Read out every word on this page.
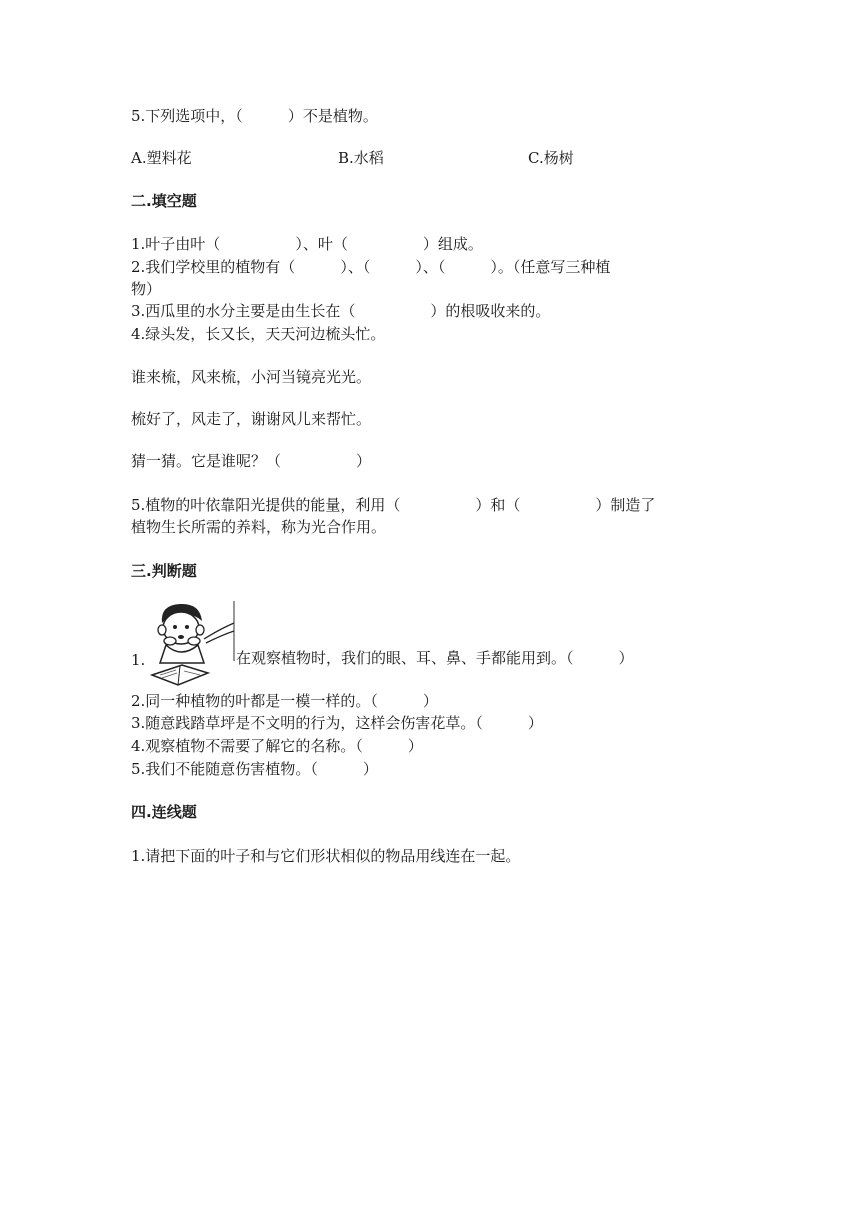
5.下列选项中，（　　　）不是植物。
A.塑料花	B.水稻	C.杨树
二.填空题
1.叶子由叶（　　　　　）、叶（　　　　　）组成。
2.我们学校里的植物有（　　　）、（　　　）、（　　　）。（任意写三种植
物）
3.西瓜里的水分主要是由生长在（　　　　　）的根吸收来的。
4.绿头发，长又长，天天河边梳头忙。
谁来梳，风来梳，小河当镜亮光光。
梳好了，风走了，谢谢风儿来帮忙。
猜一猜。它是谁呢？（　　　　　）
5.植物的叶依靠阳光提供的能量，利用（　　　　　）和（　　　　　）制造了
植物生长所需的养料，称为光合作用。
三.判断题
1.	在观察植物时，我们的眼、耳、鼻、手都能用到。（　　　）
2.同一种植物的叶都是一模一样的。（　　　）
3.随意践踏草坪是不文明的行为，这样会伤害花草。（　　　）
4.观察植物不需要了解它的名称。（　　　）
5.我们不能随意伤害植物。（　　　）
四.连线题
1.请把下面的叶子和与它们形状相似的物品用线连在一起。
